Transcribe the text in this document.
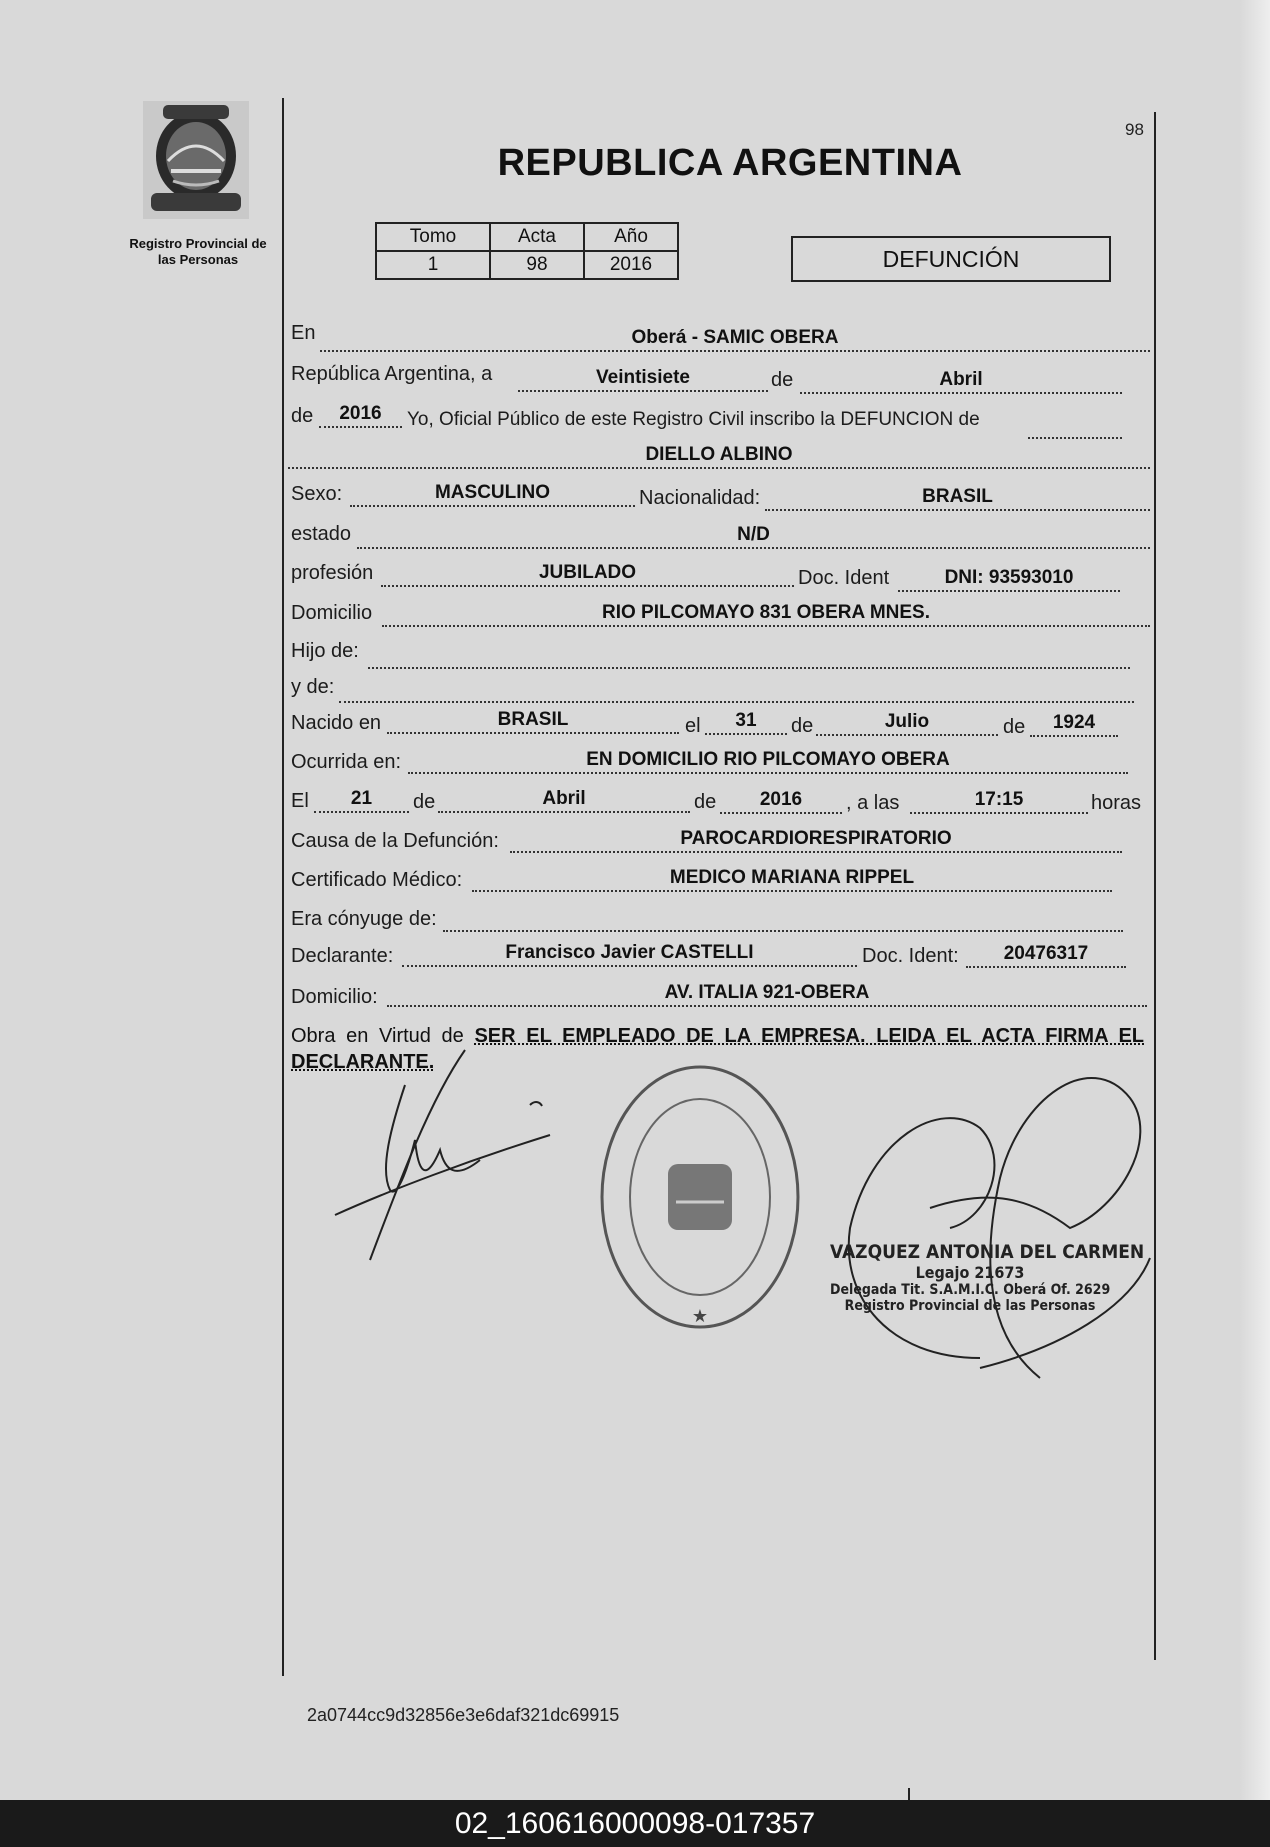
Registro Provincial de
las Personas
REPUBLICA ARGENTINA
98
Tomo	Acta	Año
1	98	2016	DEFUNCIÓN
En	Oberá - SAMIC OBERA
República Argentina, a	Veintisiete	de	Abril
de	2016	Yo, Oficial Público de este Registro Civil inscribo la DEFUNCION de
DIELLO ALBINO
Sexo:	MASCULINO	Nacionalidad:	BRASIL
estado	N/D
profesión	JUBILADO	Doc. Ident	DNI: 93593010
Domicilio	RIO PILCOMAYO 831 OBERA MNES.
Hijo de:
y de:
Nacido en	BRASIL	el	31	de	Julio	de	1924
Ocurrida en:	EN DOMICILIO RIO PILCOMAYO OBERA
El	21	de	Abril	de	2016	, a las	17:15	horas
Causa de la Defunción:	PAROCARDIORESPIRATORIO
Certificado Médico:	MEDICO MARIANA RIPPEL
Era cónyuge de:
Declarante:	Francisco Javier CASTELLI	Doc. Ident:	20476317
Domicilio:	AV. ITALIA 921-OBERA
Obra en Virtud de SER EL EMPLEADO DE LA EMPRESA. LEIDA EL ACTA FIRMA EL
DECLARANTE.
★
VAZQUEZ ANTONIA DEL CARMEN
Legajo 21673
Delegada Tit. S.A.M.I.C. Oberá Of. 2629
Registro Provincial de las Personas
2a0744cc9d32856e3e6daf321dc69915
02_160616000098-017357
